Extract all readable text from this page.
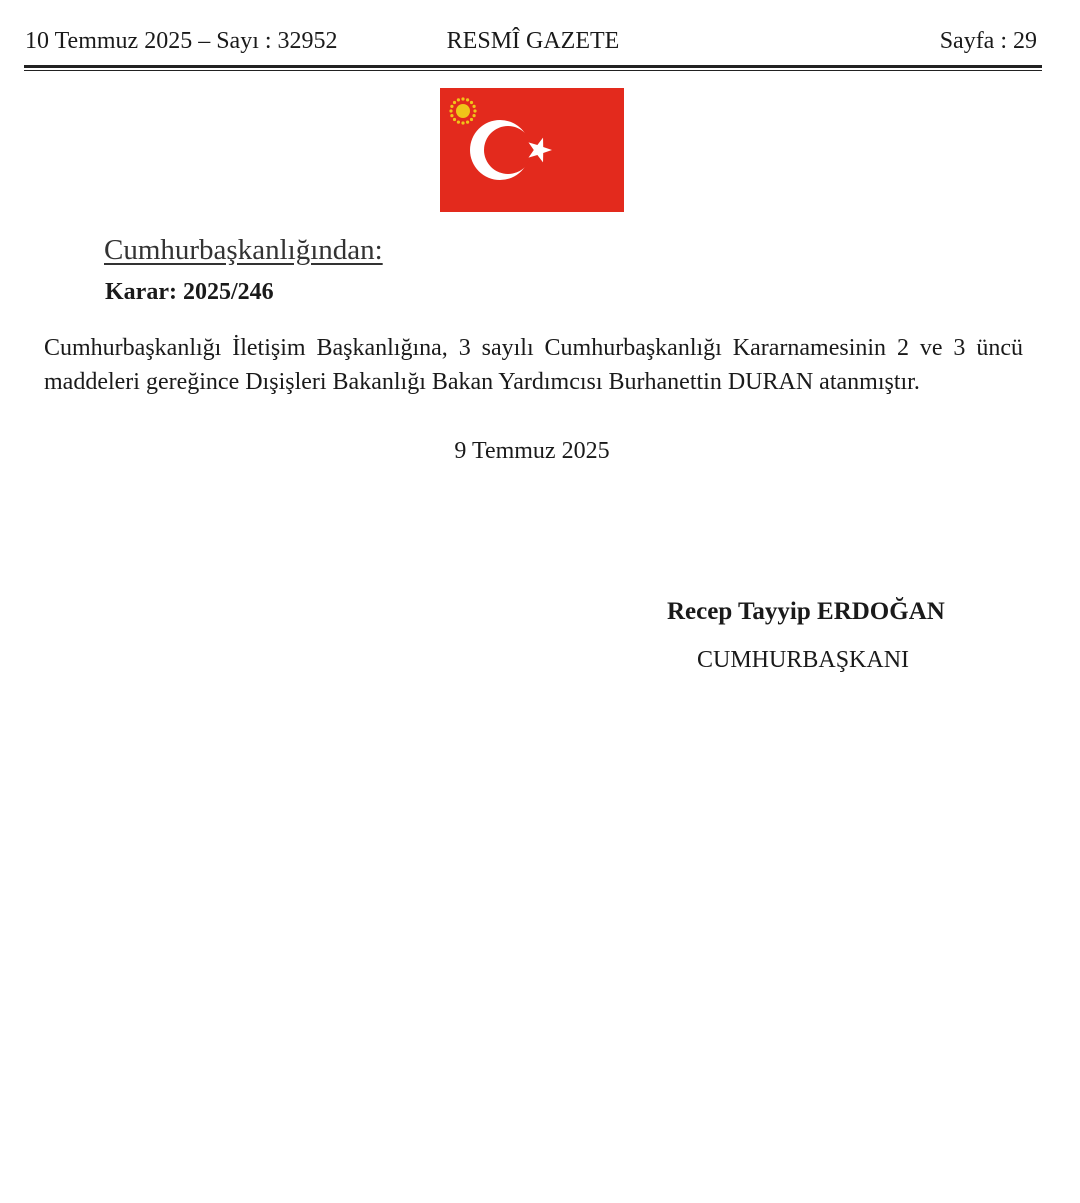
10 Temmuz 2025 – Sayı : 32952	RESMÎ GAZETE	Sayfa : 29
Cumhurbaşkanlığından:
Karar: 2025/246
Cumhurbaşkanlığı İletişim Başkanlığına, 3 sayılı Cumhurbaşkanlığı Kararnamesinin 2 ve 3 üncü maddeleri gereğince Dışişleri Bakanlığı Bakan Yardımcısı Burhanettin DURAN atanmıştır.
9 Temmuz 2025
Recep Tayyip ERDOĞAN
CUMHURBAŞKANI
